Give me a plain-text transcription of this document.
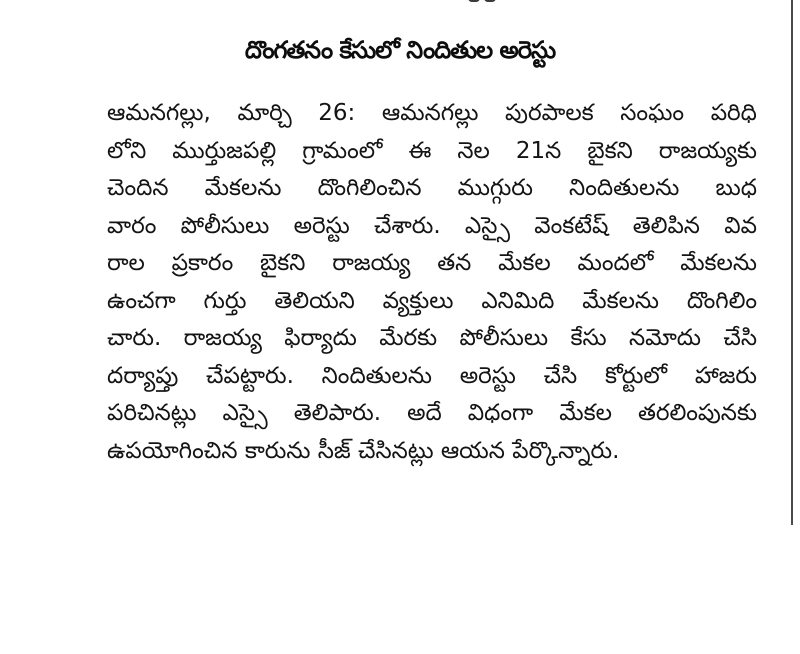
దొంగతనం కేసులో నిందితుల అరెస్టు
ఆమనగల్లు, మార్చి 26: ఆమనగల్లు పురపాలక సంఘం పరిధి
లోని ముర్తుజపల్లి గ్రామంలో ఈ నెల 21న బైకని రాజయ్యకు
చెందిన మేకలను దొంగిలించిన ముగ్గురు నిందితులను బుధ
వారం పోలీసులు అరెస్టు చేశారు. ఎస్సై వెంకటేష్ తెలిపిన వివ
రాల ప్రకారం బైకని రాజయ్య తన మేకల మందలో మేకలను
ఉంచగా గుర్తు తెలియని వ్యక్తులు ఎనిమిది మేకలను దొంగిలిం
చారు. రాజయ్య ఫిర్యాదు మేరకు పోలీసులు కేసు నమోదు చేసి
దర్యాప్తు చేపట్టారు. నిందితులను అరెస్టు చేసి కోర్టులో హాజరు
పరిచినట్లు ఎస్సై తెలిపారు. అదే విధంగా మేకల తరలింపునకు
ఉపయోగించిన కారును సీజ్ చేసినట్లు ఆయన పేర్కొన్నారు.
